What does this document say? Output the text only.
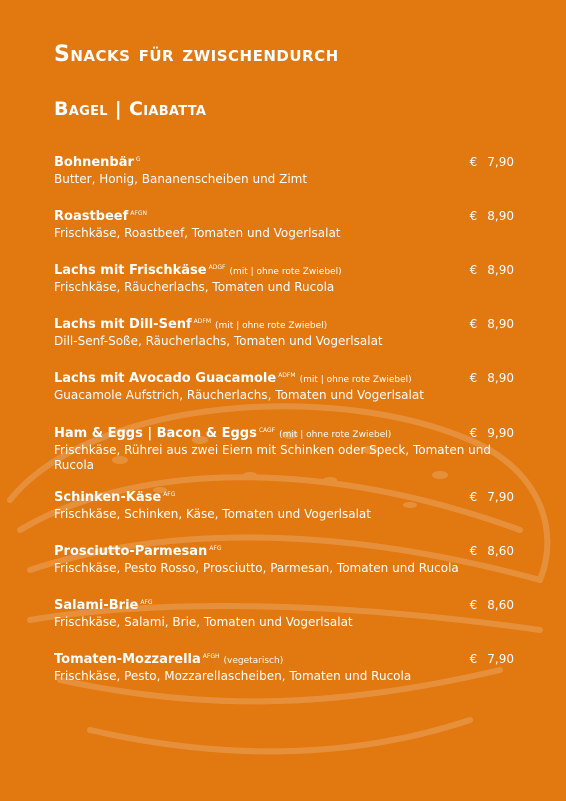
Snacks für zwischendurch
Bagel | Ciabatta
Bohnenbär $^G$	€ 7,90
Butter, Honig, Bananenscheiben und Zimt
Roastbeef $^{AFGN}$	€ 8,90
Frischkäse, Roastbeef, Tomaten und Vogerlsalat
Lachs mit Frischkäse $^{ADGF}$ (mit | ohne rote Zwiebel)	€ 8,90
Frischkäse, Räucherlachs, Tomaten und Rucola
Lachs mit Dill-Senf $^{ADFM}$ (mit | ohne rote Zwiebel)	€ 8,90
Dill-Senf-Soße, Räucherlachs, Tomaten und Vogerlsalat
Lachs mit Avocado Guacamole $^{ADFM}$ (mit | ohne rote Zwiebel)	€ 8,90
Guacamole Aufstrich, Räucherlachs, Tomaten und Vogerlsalat
Ham & Eggs | Bacon & Eggs $^{CAGF}$ (mit | ohne rote Zwiebel)	€ 9,90
Frischkäse, Rühreі aus zwei Eiern mit Schinken oder Speck, Tomaten und Rucola
Schinken-Käse $^{AFG}$	€ 7,90
Frischkäse, Schinken, Käse, Tomaten und Vogerlsalat
Prosciutto-Parmesan $^{AFG}$	€ 8,60
Frischkäse, Pesto Rosso, Prosciutto, Parmesan, Tomaten und Rucola
Salami-Brie $^{AFG}$	€ 8,60
Frischkäse, Salami, Brie, Tomaten und Vogerlsalat
Tomaten-Mozzarella $^{AFGH}$ (vegetarisch)	€ 7,90
Frischkäse, Pesto, Mozzarellascheiben, Tomaten und Rucola
